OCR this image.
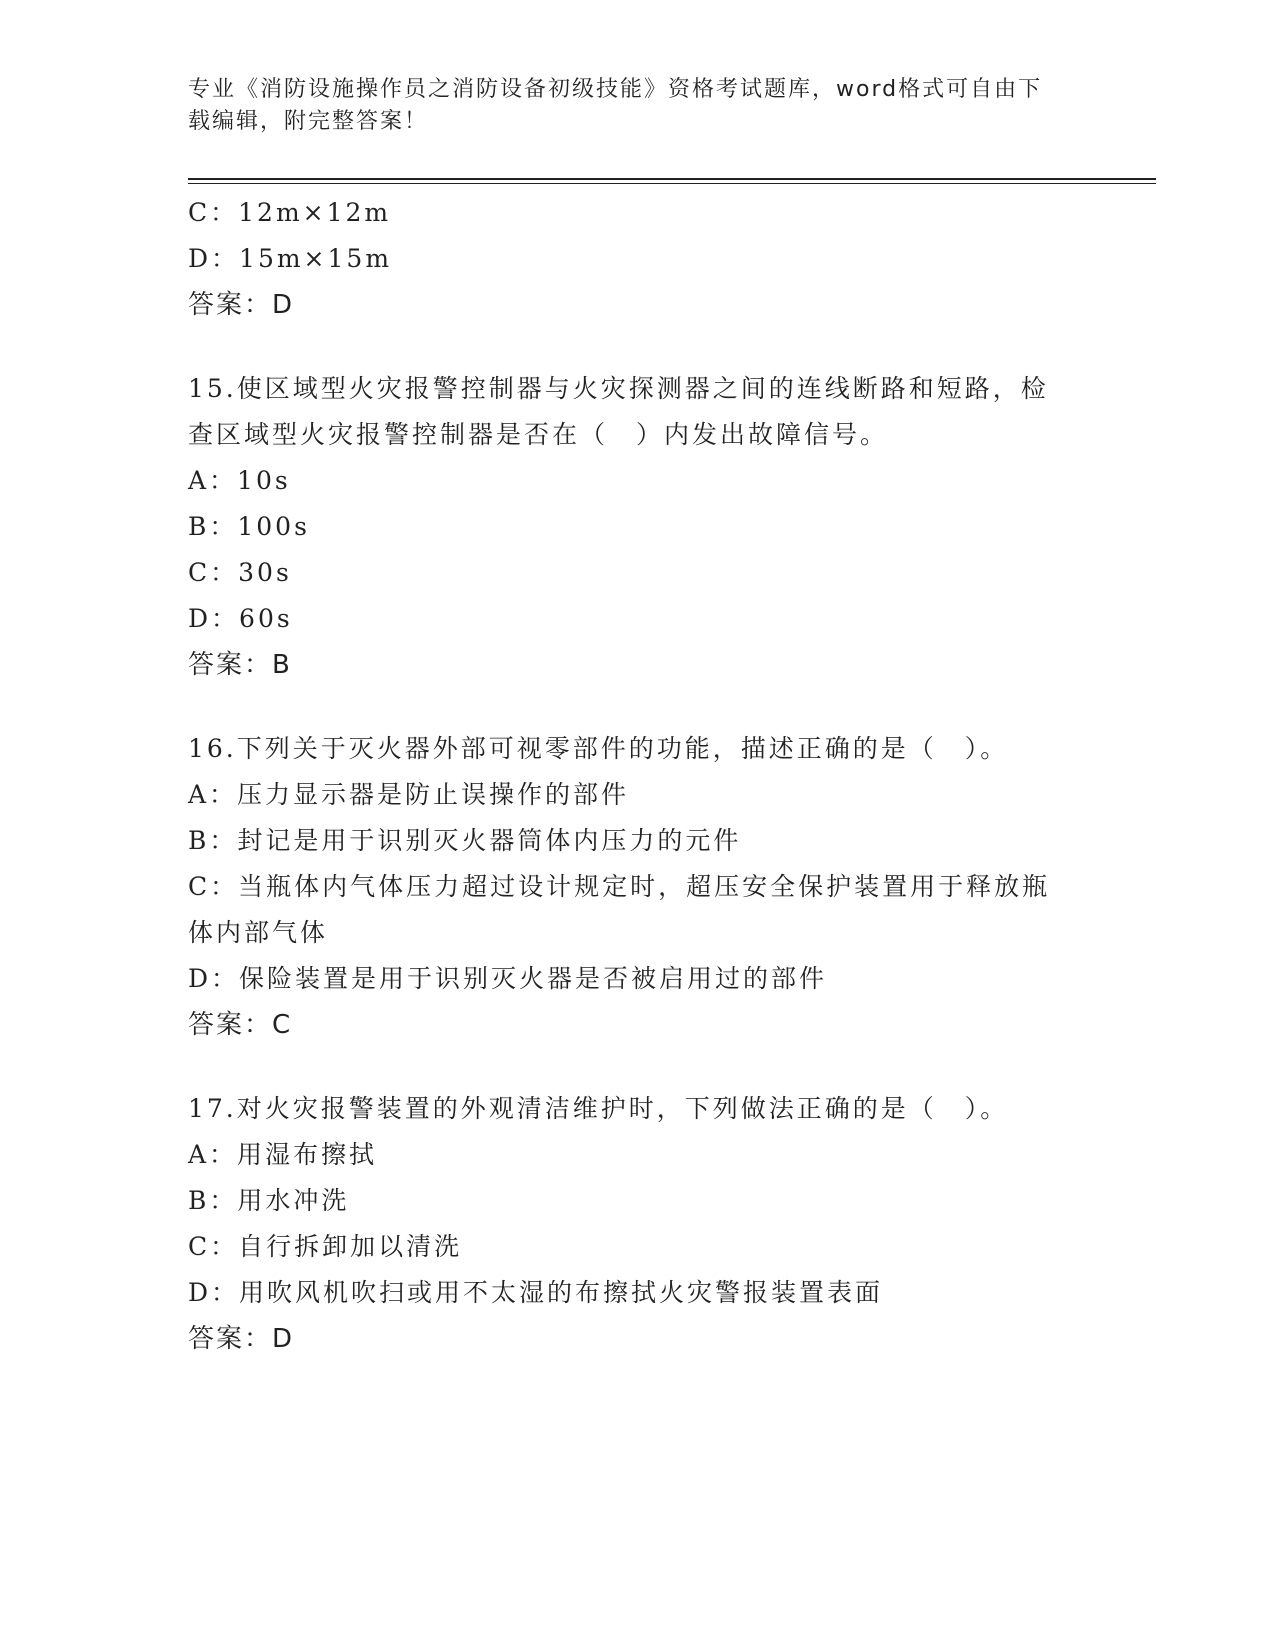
专业《消防设施操作员之消防设备初级技能》资格考试题库，word格式可自由下
载编辑，附完整答案！
C：12m×12m
D：15m×15m
答案：D
15.使区域型火灾报警控制器与火灾探测器之间的连线断路和短路，检
查区域型火灾报警控制器是否在（　）内发出故障信号。
A：10s
B：100s
C：30s
D：60s
答案：B
16.下列关于灭火器外部可视零部件的功能，描述正确的是（　）。
A：压力显示器是防止误操作的部件
B：封记是用于识别灭火器筒体内压力的元件
C：当瓶体内气体压力超过设计规定时，超压安全保护装置用于释放瓶
体内部气体
D：保险装置是用于识别灭火器是否被启用过的部件
答案：C
17.对火灾报警装置的外观清洁维护时，下列做法正确的是（　）。
A：用湿布擦拭
B：用水冲洗
C：自行拆卸加以清洗
D：用吹风机吹扫或用不太湿的布擦拭火灾警报装置表面
答案：D
